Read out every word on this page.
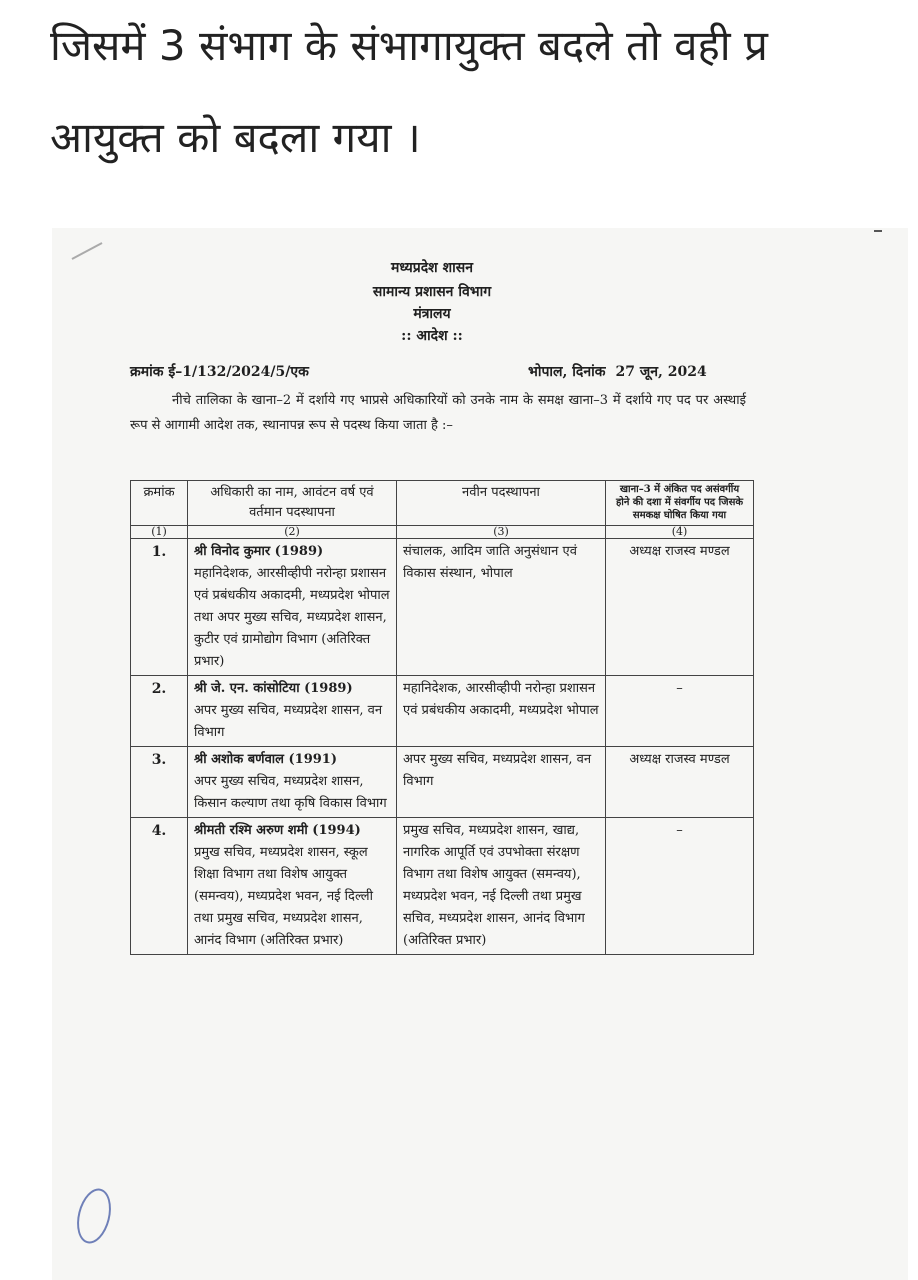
जिसमें 3 संभाग के संभागायुक्त बदले तो वही प्र
आयुक्त को बदला गया ।
मध्यप्रदेश शासन
सामान्य प्रशासन विभाग
मंत्रालय
:: आदेश ::
क्रमांक ई–1/132/2024/5/एक	भोपाल, दिनांक 27 जून, 2024
नीचे तालिका के खाना–2 में दर्शाये गए भाप्रसे अधिकारियों को उनके नाम के समक्ष खाना–3 में दर्शाये गए पद पर अस्थाई रूप से आगामी आदेश तक, स्थानापन्न रूप से पदस्थ किया जाता है :–
क्रमांक	अधिकारी का नाम, आवंटन वर्ष एवं वर्तमान पदस्थापना	नवीन पदस्थापना	खाना–3 में अंकित पद असंवर्गीय होने की दशा में संवर्गीय पद जिसके समकक्ष घोषित किया गया
(1)	(2)	(3)	(4)
1.	श्री विनोद कुमार (1989)
महानिदेशक, आरसीव्हीपी नरोन्हा प्रशासन एवं प्रबंधकीय अकादमी, मध्यप्रदेश भोपाल तथा अपर मुख्य सचिव, मध्यप्रदेश शासन, कुटीर एवं ग्रामोद्योग विभाग (अतिरिक्त प्रभार)	संचालक, आदिम जाति अनुसंधान एवं विकास संस्थान, भोपाल	अध्यक्ष राजस्व मण्डल
2.	श्री जे. एन. कांसोटिया (1989)
अपर मुख्य सचिव, मध्यप्रदेश शासन, वन विभाग	महानिदेशक, आरसीव्हीपी नरोन्हा प्रशासन एवं प्रबंधकीय अकादमी, मध्यप्रदेश भोपाल	–
3.	श्री अशोक बर्णवाल (1991)
अपर मुख्य सचिव, मध्यप्रदेश शासन, किसान कल्याण तथा कृषि विकास विभाग	अपर मुख्य सचिव, मध्यप्रदेश शासन, वन विभाग	अध्यक्ष राजस्व मण्डल
4.	श्रीमती रश्मि अरुण शमी (1994)
प्रमुख सचिव, मध्यप्रदेश शासन, स्कूल शिक्षा विभाग तथा विशेष आयुक्त (समन्वय), मध्यप्रदेश भवन, नई दिल्ली तथा प्रमुख सचिव, मध्यप्रदेश शासन, आनंद विभाग (अतिरिक्त प्रभार)	प्रमुख सचिव, मध्यप्रदेश शासन, खाद्य, नागरिक आपूर्ति एवं उपभोक्ता संरक्षण विभाग तथा विशेष आयुक्त (समन्वय), मध्यप्रदेश भवन, नई दिल्ली तथा प्रमुख सचिव, मध्यप्रदेश शासन, आनंद विभाग (अतिरिक्त प्रभार)	–
